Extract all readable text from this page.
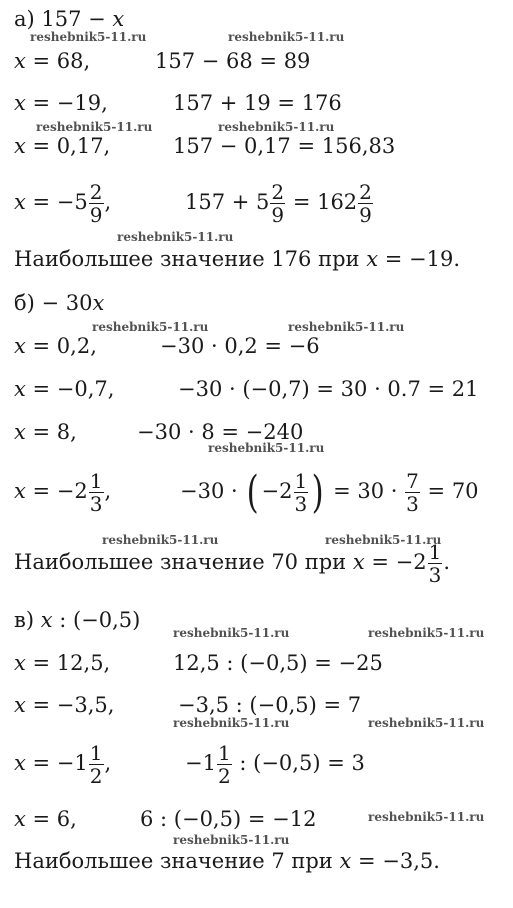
а) 157 − x
x = 68,	157 − 68 = 89
x = −19,	157 + 19 = 176
x = 0,17,	157 − 0,17 = 156,83
$x = -5 \frac{2}{9}$ ,	$157 + 5 \frac{2}{9} = 162 \frac{2}{9}$
Наибольшее значение 176 при x = −19.
б) − 30x
x = 0,2,	−30 · 0,2 = −6
x = −0,7,	−30 · (−0,7) = 30 · 0.7 = 21
x = 8,	−30 · 8 = −240
$x = -2 \frac{1}{3}$ ,	−30 · ( $-2 \frac{1}{3}$ ) = $30 \cdot \frac{7}{3} = 70$
Наибольшее значение 70 при $x = -2 \frac{1}{3}$ .
в) x : (−0,5)
x = 12,5,	12,5 : (−0,5) = −25
x = −3,5,	−3,5 : (−0,5) = 7
$x = -1 \frac{1}{2}$ ,	$-1 \frac{1}{2}$ : (−0,5) = 3
x = 6,	6 : (−0,5) = −12
Наибольшее значение 7 при x = −3,5.
reshebnik5-11.ru	reshebnik5-11.ru
reshebnik5-11.ru	reshebnik5-11.ru
reshebnik5-11.ru
reshebnik5-11.ru	reshebnik5-11.ru
reshebnik5-11.ru
reshebnik5-11.ru	reshebnik5-11.ru
reshebnik5-11.ru	reshebnik5-11.ru
reshebnik5-11.ru	reshebnik5-11.ru
reshebnik5-11.ru
reshebnik5-11.ru
